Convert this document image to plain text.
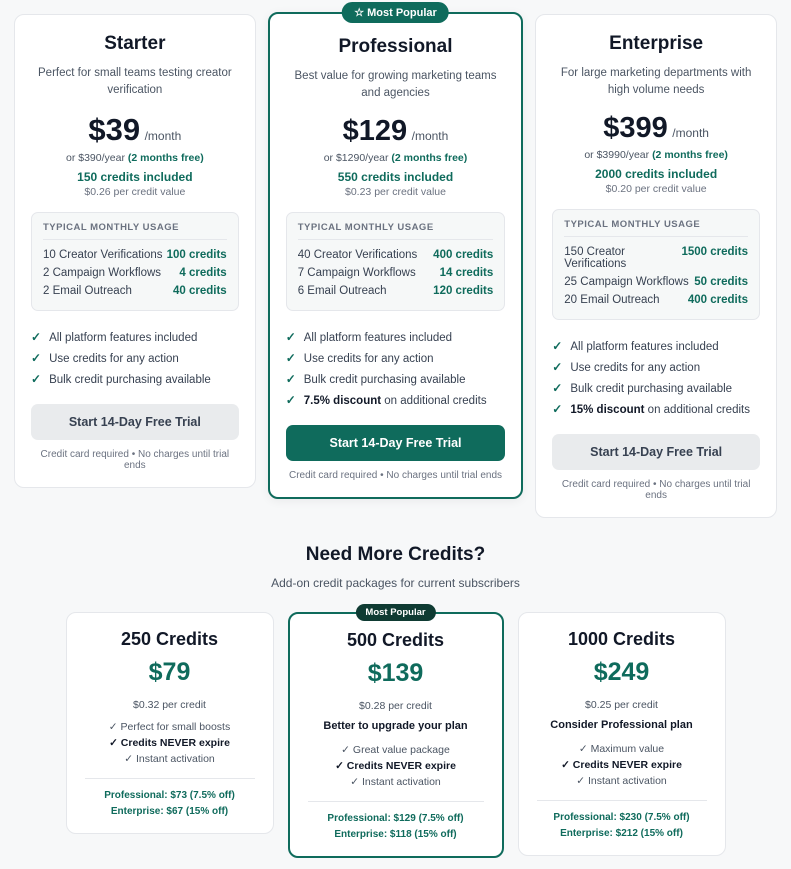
Starter
Perfect for small teams testing creator verification
$39 /month
or $390/year (2 months free)
150 credits included
$0.26 per credit value
TYPICAL MONTHLY USAGE
10 Creator Verifications 100 credits
2 Campaign Workflows 4 credits
2 Email Outreach	40 credits
✓ All platform features included
✓ Use credits for any action
✓ Bulk credit purchasing available
Start 14-Day Free Trial
Credit card required • No charges until trial ends
☆ Most Popular
Professional
Best value for growing marketing teams and agencies
$129 /month
or $1290/year (2 months free)
550 credits included
$0.23 per credit value
TYPICAL MONTHLY USAGE
40 Creator Verifications 400 credits
7 Campaign Workflows 14 credits
6 Email Outreach	120 credits
✓ All platform features included
✓ Use credits for any action
✓ Bulk credit purchasing available
✓ 7.5% discount on additional credits
Start 14-Day Free Trial
Credit card required • No charges until trial ends
Enterprise
For large marketing departments with high volume needs
$399 /month
or $3990/year (2 months free)
2000 credits included
$0.20 per credit value
TYPICAL MONTHLY USAGE
150 Creator Verifications
1500 credits
25 Campaign Workflows 50 credits
20 Email Outreach 400 credits
✓ All platform features included
✓ Use credits for any action
✓ Bulk credit purchasing available
✓ 15% discount on additional credits
Start 14-Day Free Trial
Credit card required • No charges until trial ends
Need More Credits?
Add-on credit packages for current subscribers
250 Credits
$79
$0.32 per credit
✓ Perfect for small boosts
✓ Credits NEVER expire
✓ Instant activation
Professional: $73 (7.5% off)
Enterprise: $67 (15% off)
Most Popular
500 Credits
$139
$0.28 per credit
Better to upgrade your plan
✓ Great value package
✓ Credits NEVER expire
✓ Instant activation
Professional: $129 (7.5% off)
Enterprise: $118 (15% off)
1000 Credits
$249
$0.25 per credit
Consider Professional plan
✓ Maximum value
✓ Credits NEVER expire
✓ Instant activation
Professional: $230 (7.5% off)
Enterprise: $212 (15% off)
